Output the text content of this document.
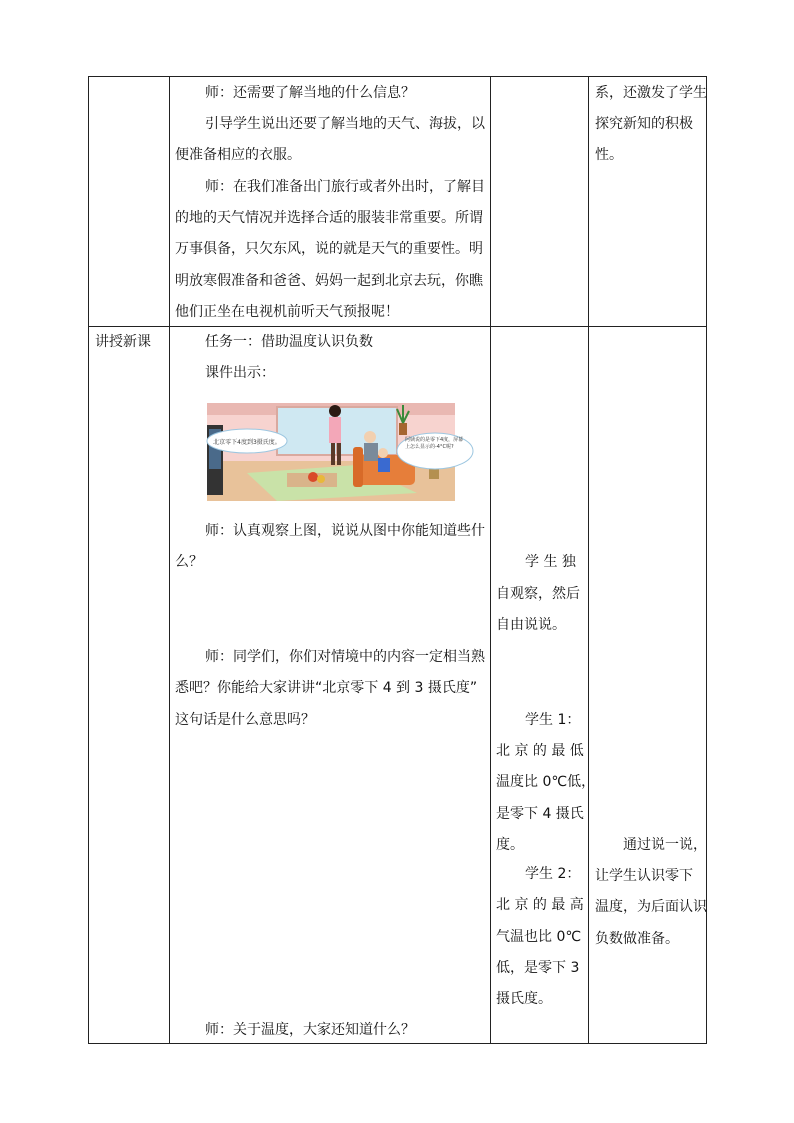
师：还需要了解当地的什么信息？
引导学生说出还要了解当地的天气、海拔，以
便准备相应的衣服。
师：在我们准备出门旅行或者外出时，了解目
的地的天气情况并选择合适的服装非常重要。所谓
万事俱备，只欠东风，说的就是天气的重要性。明
明放寒假准备和爸爸、妈妈一起到北京去玩，你瞧
他们正坐在电视机前听天气预报呢！
系，还激发了学生
探究新知的积极
性。
讲授新课	任务一：借助温度认识负数
课件出示：
北京零下4度到3摄氏度。	阿姨说的是零下4度，屏幕上怎么显示的-4°C呢?
师：认真观察上图，说说从图中你能知道些什
么？
师：同学们，你们对情境中的内容一定相当熟
悉吧？你能给大家讲讲“北京零下 4 到 3 摄氏度”
这句话是什么意思吗？
师：关于温度，大家还知道什么？
学 生 独
自观察，然后
自由说说。
学生 1：
北 京 的 最 低
温度比 0℃低，
是零下 4 摄氏
度。
学生 2：
北 京 的 最 高
气温也比 0℃
低，是零下 3
摄氏度。
通过说一说，
让学生认识零下
温度，为后面认识
负数做准备。
